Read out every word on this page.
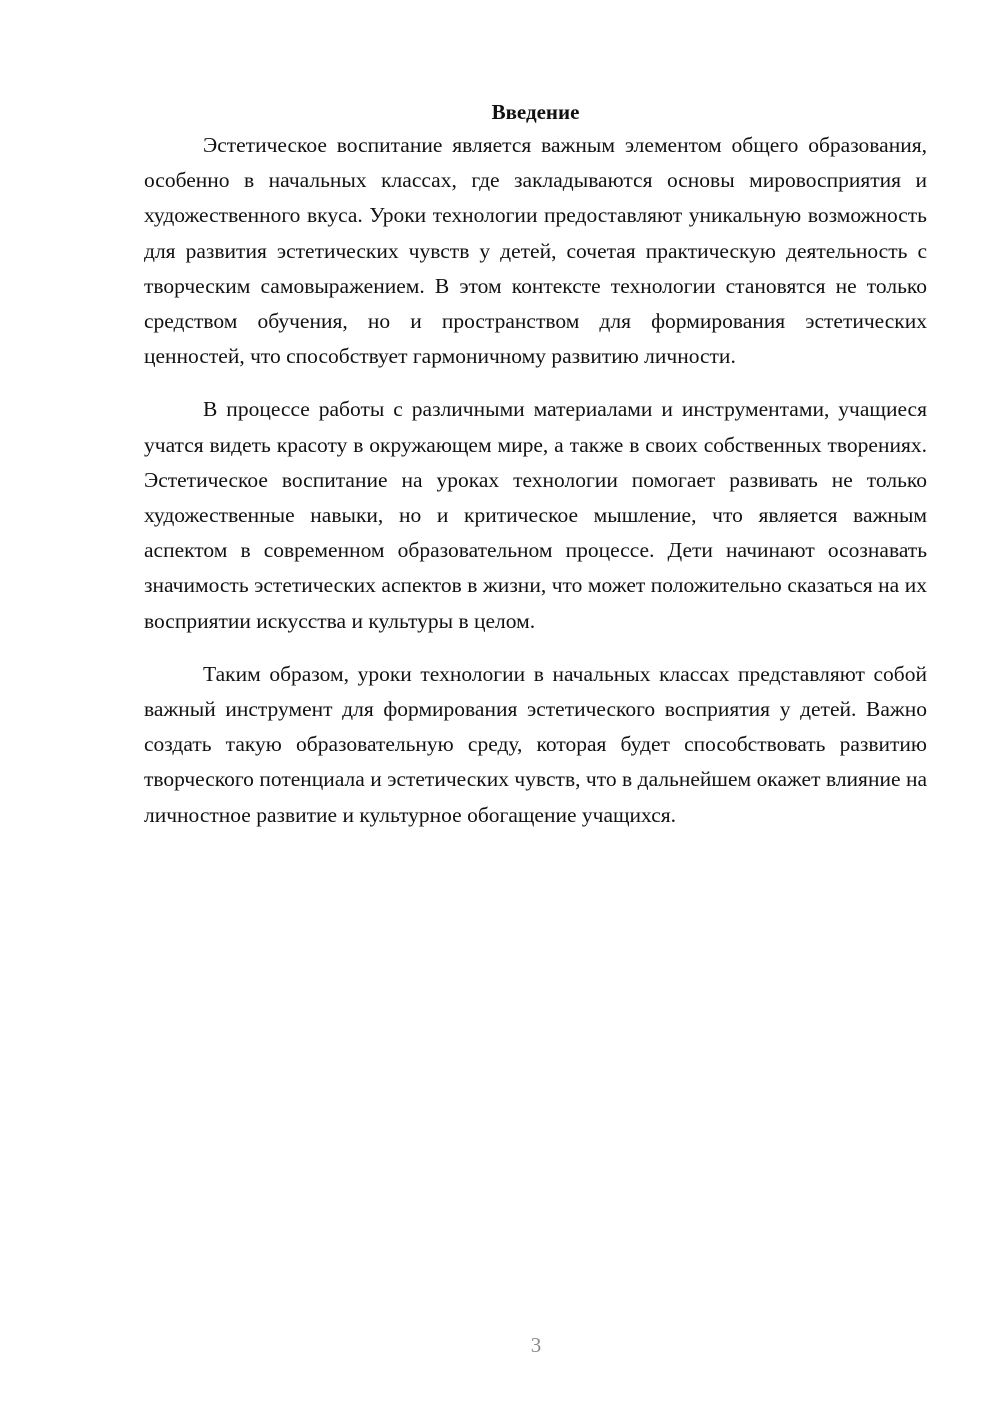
Введение

Эстетическое воспитание является важным элементом общего образования, особенно в начальных классах, где закладываются основы мировосприятия и художественного вкуса. Уроки технологии предоставляют уникальную возможность для развития эстетических чувств у детей, сочетая практическую деятельность с творческим самовыражением. В этом контексте технологии становятся не только средством обучения, но и пространством для формирования эстетических ценностей, что способствует гармоничному развитию личности.

В процессе работы с различными материалами и инструментами, учащиеся учатся видеть красоту в окружающем мире, а также в своих собственных творениях. Эстетическое воспитание на уроках технологии помогает развивать не только художественные навыки, но и критическое мышление, что является важным аспектом в современном образовательном процессе. Дети начинают осознавать значимость эстетических аспектов в жизни, что может положительно сказаться на их восприятии искусства и культуры в целом.

Таким образом, уроки технологии в начальных классах представляют собой важный инструмент для формирования эстетического восприятия у детей. Важно создать такую образовательную среду, которая будет способствовать развитию творческого потенциала и эстетических чувств, что в дальнейшем окажет влияние на личностное развитие и культурное обогащение учащихся.

3
